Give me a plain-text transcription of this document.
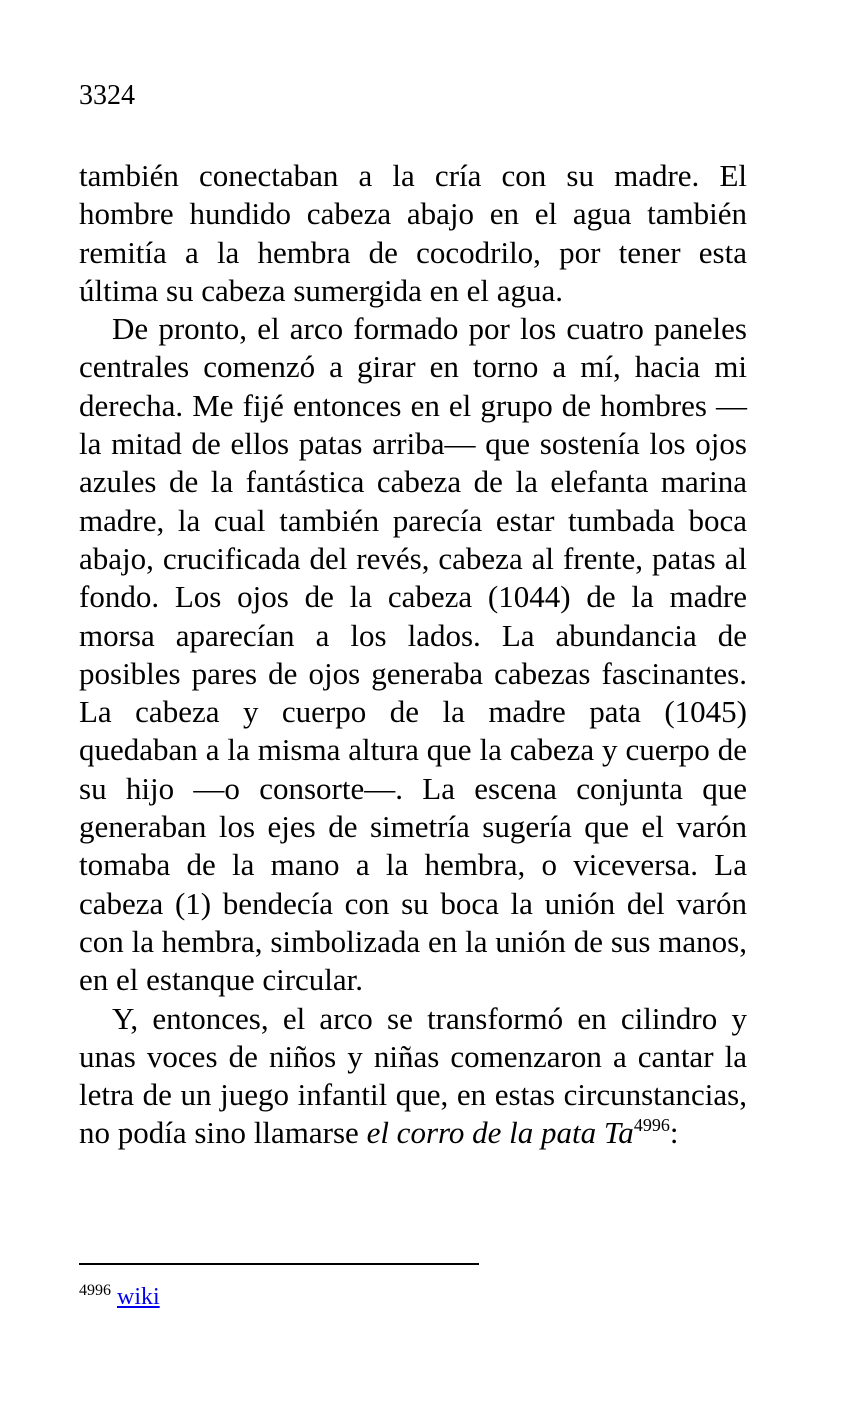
3324

también conectaban a la cría con su madre. El hombre hundido cabeza abajo en el agua también remitía a la hembra de cocodrilo, por tener esta última su cabeza sumergida en el agua.

De pronto, el arco formado por los cuatro paneles centrales comenzó a girar en torno a mí, hacia mi derecha. Me fijé entonces en el grupo de hombres —la mitad de ellos patas arriba— que sostenía los ojos azules de la fantástica cabeza de la elefanta marina madre, la cual también parecía estar tumbada boca abajo, crucificada del revés, cabeza al frente, patas al fondo. Los ojos de la cabeza (1044) de la madre morsa aparecían a los lados. La abundancia de posibles pares de ojos generaba cabezas fascinantes. La cabeza y cuerpo de la madre pata (1045) quedaban a la misma altura que la cabeza y cuerpo de su hijo —o consorte—. La escena conjunta que generaban los ejes de simetría sugería que el varón tomaba de la mano a la hembra, o viceversa. La cabeza (1) bendecía con su boca la unión del varón con la hembra, simbolizada en la unión de sus manos, en el estanque circular.

Y, entonces, el arco se transformó en cilindro y unas voces de niños y niñas comenzaron a cantar la letra de un juego infantil que, en estas circunstancias, no podía sino llamarse el corro de la pata Ta$^{4996}$:

$^{4996}$ wiki
